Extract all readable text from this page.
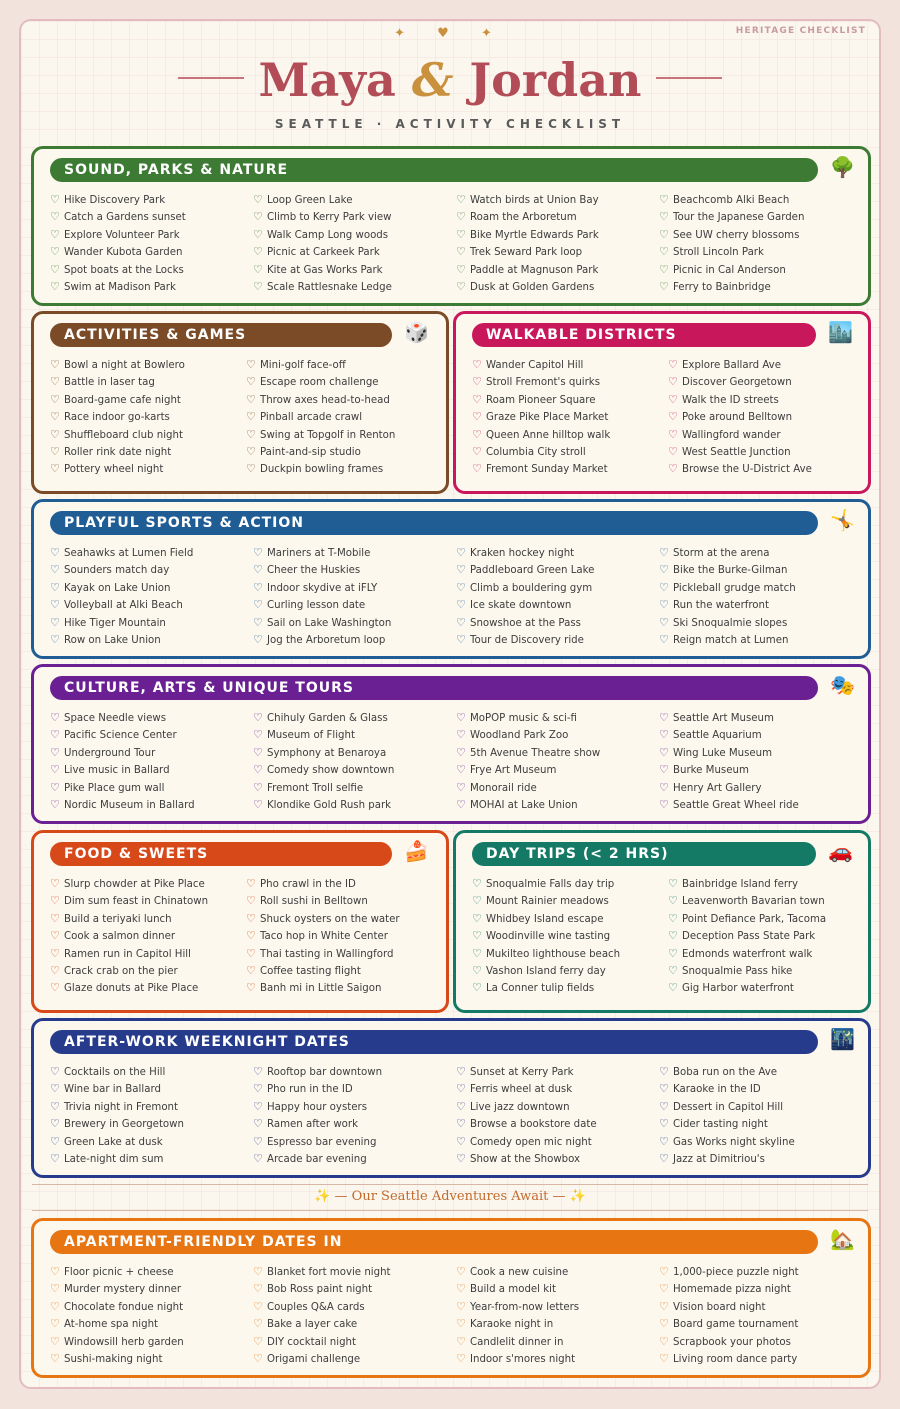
HERITAGE CHECKLIST
✦ ♥ ✦
Maya & Jordan
SEATTLE · ACTIVITY CHECKLIST
SOUND, PARKS & NATURE	🌳
♡ Hike Discovery Park
♡ Catch a Gardens sunset
♡ Explore Volunteer Park
♡ Wander Kubota Garden
♡ Spot boats at the Locks
♡ Swim at Madison Park
♡ Loop Green Lake
♡ Climb to Kerry Park view
♡ Walk Camp Long woods
♡ Picnic at Carkeek Park
♡ Kite at Gas Works Park
♡ Scale Rattlesnake Ledge
♡ Watch birds at Union Bay
♡ Roam the Arboretum
♡ Bike Myrtle Edwards Park
♡ Trek Seward Park loop
♡ Paddle at Magnuson Park
♡ Dusk at Golden Gardens
♡ Beachcomb Alki Beach
♡ Tour the Japanese Garden
♡ See UW cherry blossoms
♡ Stroll Lincoln Park
♡ Picnic in Cal Anderson
♡ Ferry to Bainbridge
ACTIVITIES & GAMES	🎲
♡ Bowl a night at Bowlero
♡ Battle in laser tag
♡ Board-game cafe night
♡ Race indoor go-karts
♡ Shuffleboard club night
♡ Roller rink date night
♡ Pottery wheel night
♡ Mini-golf face-off
♡ Escape room challenge
♡ Throw axes head-to-head
♡ Pinball arcade crawl
♡ Swing at Topgolf in Renton
♡ Paint-and-sip studio
♡ Duckpin bowling frames
WALKABLE DISTRICTS	🏙️
♡ Wander Capitol Hill
♡ Stroll Fremont's quirks
♡ Roam Pioneer Square
♡ Graze Pike Place Market
♡ Queen Anne hilltop walk
♡ Columbia City stroll
♡ Fremont Sunday Market
♡ Explore Ballard Ave
♡ Discover Georgetown
♡ Walk the ID streets
♡ Poke around Belltown
♡ Wallingford wander
♡ West Seattle Junction
♡ Browse the U-District Ave
PLAYFUL SPORTS & ACTION	🤸
♡ Seahawks at Lumen Field
♡ Sounders match day
♡ Kayak on Lake Union
♡ Volleyball at Alki Beach
♡ Hike Tiger Mountain
♡ Row on Lake Union
♡ Mariners at T-Mobile
♡ Cheer the Huskies
♡ Indoor skydive at iFLY
♡ Curling lesson date
♡ Sail on Lake Washington
♡ Jog the Arboretum loop
♡ Kraken hockey night
♡ Paddleboard Green Lake
♡ Climb a bouldering gym
♡ Ice skate downtown
♡ Snowshoe at the Pass
♡ Tour de Discovery ride
♡ Storm at the arena
♡ Bike the Burke-Gilman
♡ Pickleball grudge match
♡ Run the waterfront
♡ Ski Snoqualmie slopes
♡ Reign match at Lumen
CULTURE, ARTS & UNIQUE TOURS	🎭
♡ Space Needle views
♡ Pacific Science Center
♡ Underground Tour
♡ Live music in Ballard
♡ Pike Place gum wall
♡ Nordic Museum in Ballard
♡ Chihuly Garden & Glass
♡ Museum of Flight
♡ Symphony at Benaroya
♡ Comedy show downtown
♡ Fremont Troll selfie
♡ Klondike Gold Rush park
♡ MoPOP music & sci-fi
♡ Woodland Park Zoo
♡ 5th Avenue Theatre show
♡ Frye Art Museum
♡ Monorail ride
♡ MOHAI at Lake Union
♡ Seattle Art Museum
♡ Seattle Aquarium
♡ Wing Luke Museum
♡ Burke Museum
♡ Henry Art Gallery
♡ Seattle Great Wheel ride
FOOD & SWEETS	🍰
♡ Slurp chowder at Pike Place
♡ Dim sum feast in Chinatown
♡ Build a teriyaki lunch
♡ Cook a salmon dinner
♡ Ramen run in Capitol Hill
♡ Crack crab on the pier
♡ Glaze donuts at Pike Place
♡ Pho crawl in the ID
♡ Roll sushi in Belltown
♡ Shuck oysters on the water
♡ Taco hop in White Center
♡ Thai tasting in Wallingford
♡ Coffee tasting flight
♡ Banh mi in Little Saigon
DAY TRIPS (< 2 HRS)	🚗
♡ Snoqualmie Falls day trip
♡ Mount Rainier meadows
♡ Whidbey Island escape
♡ Woodinville wine tasting
♡ Mukilteo lighthouse beach
♡ Vashon Island ferry day
♡ La Conner tulip fields
♡ Bainbridge Island ferry
♡ Leavenworth Bavarian town
♡ Point Defiance Park, Tacoma
♡ Deception Pass State Park
♡ Edmonds waterfront walk
♡ Snoqualmie Pass hike
♡ Gig Harbor waterfront
AFTER-WORK WEEKNIGHT DATES	🌃
♡ Cocktails on the Hill
♡ Wine bar in Ballard
♡ Trivia night in Fremont
♡ Brewery in Georgetown
♡ Green Lake at dusk
♡ Late-night dim sum
♡ Rooftop bar downtown
♡ Pho run in the ID
♡ Happy hour oysters
♡ Ramen after work
♡ Espresso bar evening
♡ Arcade bar evening
♡ Sunset at Kerry Park
♡ Ferris wheel at dusk
♡ Live jazz downtown
♡ Browse a bookstore date
♡ Comedy open mic night
♡ Show at the Showbox
♡ Boba run on the Ave
♡ Karaoke in the ID
♡ Dessert in Capitol Hill
♡ Cider tasting night
♡ Gas Works night skyline
♡ Jazz at Dimitriou's
APARTMENT-FRIENDLY DATES IN	🏡
♡ Floor picnic + cheese
♡ Murder mystery dinner
♡ Chocolate fondue night
♡ At-home spa night
♡ Windowsill herb garden
♡ Sushi-making night
♡ Blanket fort movie night
♡ Bob Ross paint night
♡ Couples Q&A cards
♡ Bake a layer cake
♡ DIY cocktail night
♡ Origami challenge
♡ Cook a new cuisine
♡ Build a model kit
♡ Year-from-now letters
♡ Karaoke night in
♡ Candlelit dinner in
♡ Indoor s'mores night
♡ 1,000-piece puzzle night
♡ Homemade pizza night
♡ Vision board night
♡ Board game tournament
♡ Scrapbook your photos
♡ Living room dance party
✨ — Our Seattle Adventures Await — ✨
